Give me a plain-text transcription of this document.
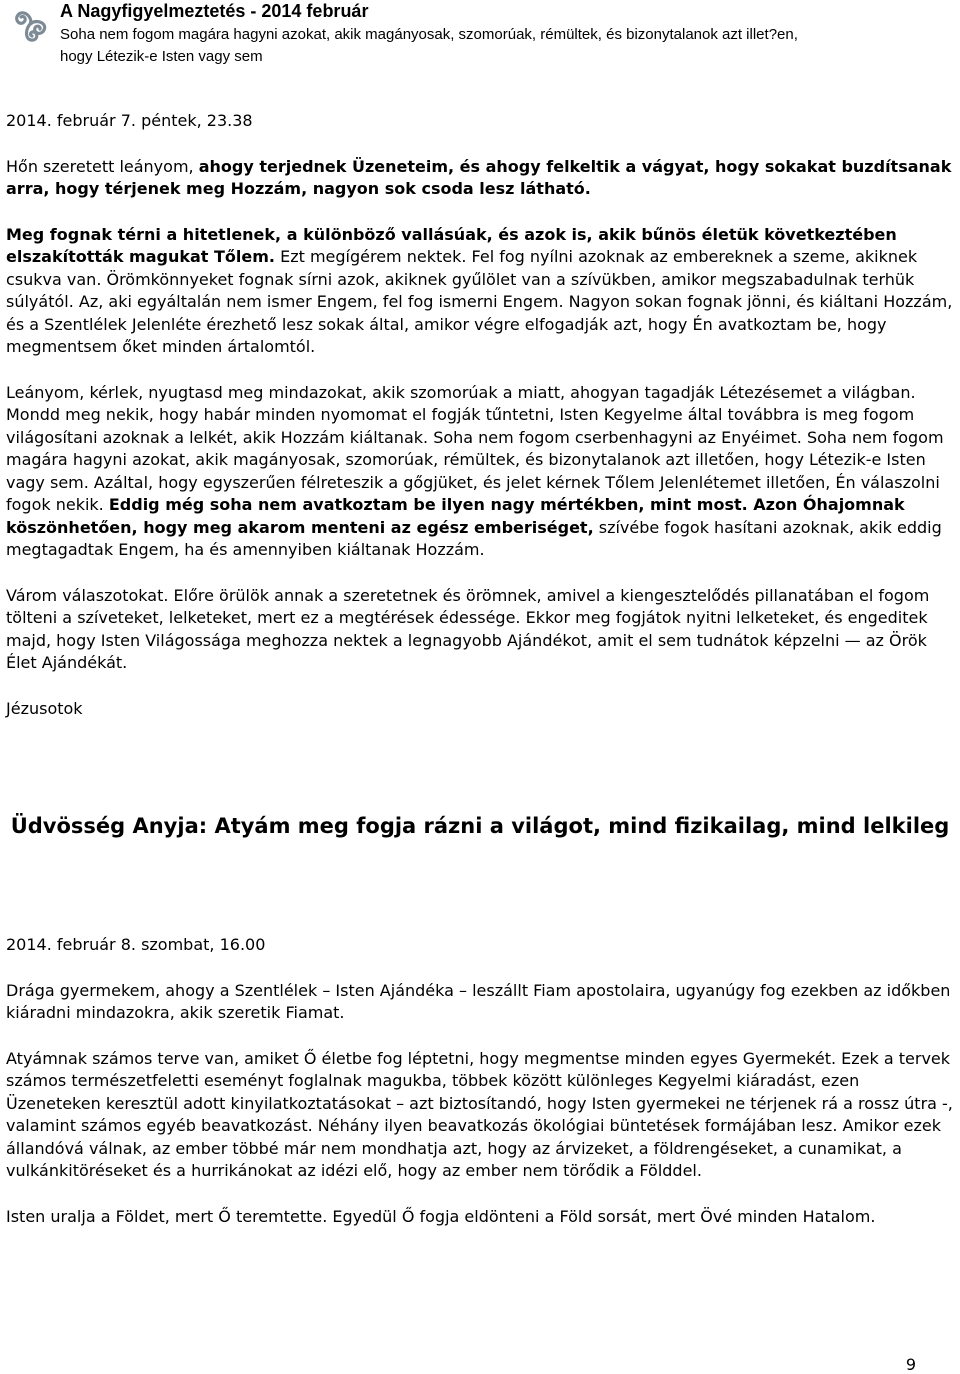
A Nagyfigyelmeztetés - 2014 február
Soha nem fogom magára hagyni azokat, akik magányosak, szomorúak, rémültek, és bizonytalanok azt illet?en,
hogy Létezik-e Isten vagy sem

2014. február 7. péntek, 23.38

Hőn szeretett leányom, ahogy terjednek Üzeneteim, és ahogy felkeltik a vágyat, hogy sokakat buzdítsanak arra, hogy térjenek meg Hozzám, nagyon sok csoda lesz látható.

Meg fognak térni a hitetlenek, a különböző vallásúak, és azok is, akik bűnös életük következtében elszakították magukat Tőlem. Ezt megígérem nektek. Fel fog nyílni azoknak az embereknek a szeme, akiknek csukva van. Örömkönnyeket fognak sírni azok, akiknek gyűlölet van a szívükben, amikor megszabadulnak terhük súlyától. Az, aki egyáltalán nem ismer Engem, fel fog ismerni Engem. Nagyon sokan fognak jönni, és kiáltani Hozzám, és a Szentlélek Jelenléte érezhető lesz sokak által, amikor végre elfogadják azt, hogy Én avatkoztam be, hogy megmentsem őket minden ártalomtól.

Leányom, kérlek, nyugtasd meg mindazokat, akik szomorúak a miatt, ahogyan tagadják Létezésemet a világban. Mondd meg nekik, hogy habár minden nyomomat el fogják tűntetni, Isten Kegyelme által továbbra is meg fogom világosítani azoknak a lelkét, akik Hozzám kiáltanak. Soha nem fogom cserbenhagyni az Enyéimet. Soha nem fogom magára hagyni azokat, akik magányosak, szomorúak, rémültek, és bizonytalanok azt illetően, hogy Létezik-e Isten vagy sem. Azáltal, hogy egyszerűen félreteszik a gőgjüket, és jelet kérnek Tőlem Jelenlétemet illetően, Én válaszolni fogok nekik. Eddig még soha nem avatkoztam be ilyen nagy mértékben, mint most. Azon Óhajomnak köszönhetően, hogy meg akarom menteni az egész emberiséget, szívébe fogok hasítani azoknak, akik eddig megtagadtak Engem, ha és amennyiben kiáltanak Hozzám.

Várom válaszotokat. Előre örülök annak a szeretetnek és örömnek, amivel a kiengesztelődés pillanatában el fogom tölteni a szíveteket, lelketeket, mert ez a megtérések édessége. Ekkor meg fogjátok nyitni lelketeket, és engeditek majd, hogy Isten Világossága meghozza nektek a legnagyobb Ajándékot, amit el sem tudnátok képzelni — az Örök Élet Ajándékát.

Jézusotok

Üdvösség Anyja: Atyám meg fogja rázni a világot, mind fizikailag, mind lelkileg

2014. február 8. szombat, 16.00

Drága gyermekem, ahogy a Szentlélek – Isten Ajándéka – leszállt Fiam apostolaira, ugyanúgy fog ezekben az időkben kiáradni mindazokra, akik szeretik Fiamat.

Atyámnak számos terve van, amiket Ő életbe fog léptetni, hogy megmentse minden egyes Gyermekét. Ezek a tervek számos természetfeletti eseményt foglalnak magukba, többek között különleges Kegyelmi kiáradást, ezen Üzeneteken keresztül adott kinyilatkoztatásokat – azt biztosítandó, hogy Isten gyermekei ne térjenek rá a rossz útra -, valamint számos egyéb beavatkozást. Néhány ilyen beavatkozás ökológiai büntetések formájában lesz. Amikor ezek állandóvá válnak, az ember többé már nem mondhatja azt, hogy az árvizeket, a földrengéseket, a cunamikat, a vulkánkitöréseket és a hurrikánokat az idézi elő, hogy az ember nem törődik a Földdel.

Isten uralja a Földet, mert Ő teremtette. Egyedül Ő fogja eldönteni a Föld sorsát, mert Övé minden Hatalom.

9
